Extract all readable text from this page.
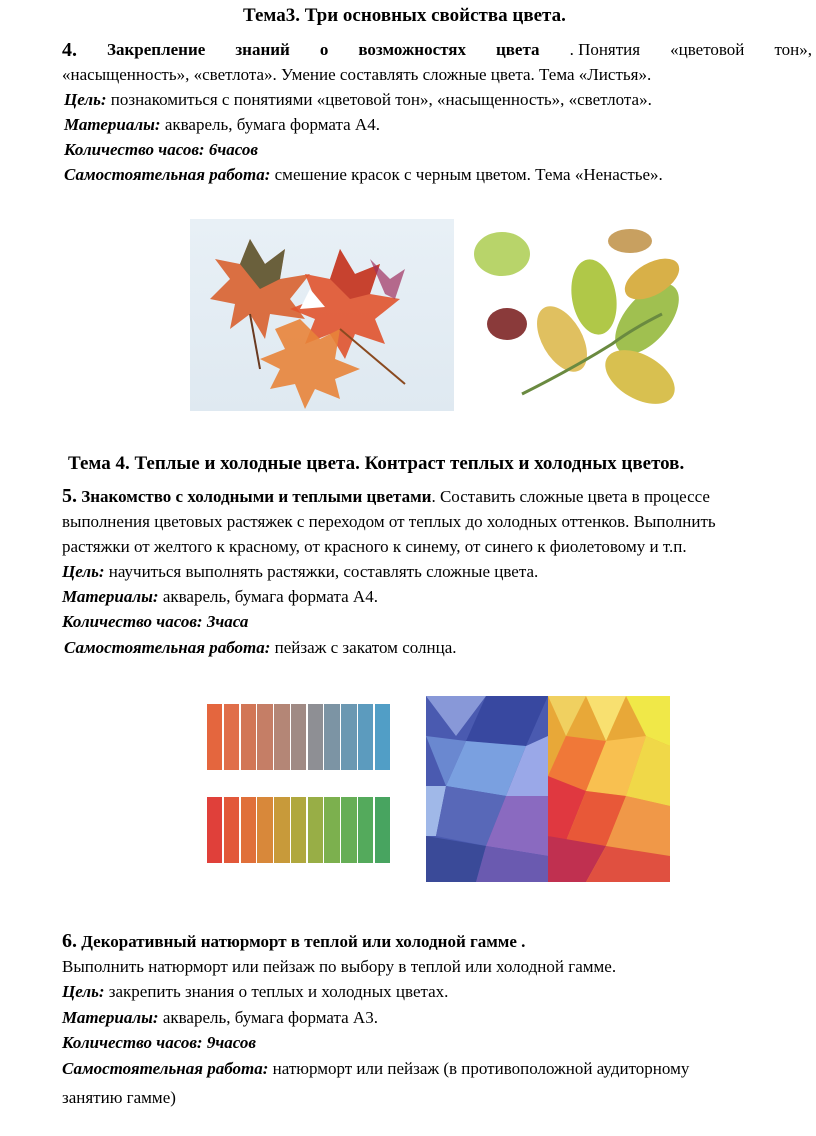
Тема3. Три основных свойства цвета.
4. Закрепление знаний о возможностях цвета . Понятия «цветовой тон»,
«насыщенность», «светлота». Умение составлять сложные цвета. Тема «Листья».
Цель: познакомиться с понятиями «цветовой тон», «насыщенность», «светлота».
Материалы: акварель, бумага формата А4.
Количество часов: 6часов
Самостоятельная работа: смешение красок с черным цветом. Тема «Ненастье».
Тема 4. Теплые и холодные цвета. Контраст теплых и холодных цветов.
5. Знакомство с холодными и теплыми цветами. Составить сложные цвета в процессе
выполнения цветовых растяжек с переходом от теплых до холодных оттенков. Выполнить
растяжки от желтого к красному, от красного к синему, от синего к фиолетовому и т.п.
Цель: научиться выполнять растяжки, составлять сложные цвета.
Материалы: акварель, бумага формата А4.
Количество часов: 3часа
Самостоятельная работа: пейзаж с закатом солнца.
6. Декоративный натюрморт в теплой или холодной гамме .
Выполнить натюрморт или пейзаж по выбору в теплой или холодной гамме.
Цель: закрепить знания о теплых и холодных цветах.
Материалы: акварель, бумага формата А3.
Количество часов: 9часов
Самостоятельная работа: натюрморт или пейзаж (в противоположной аудиторному
занятию гамме)
